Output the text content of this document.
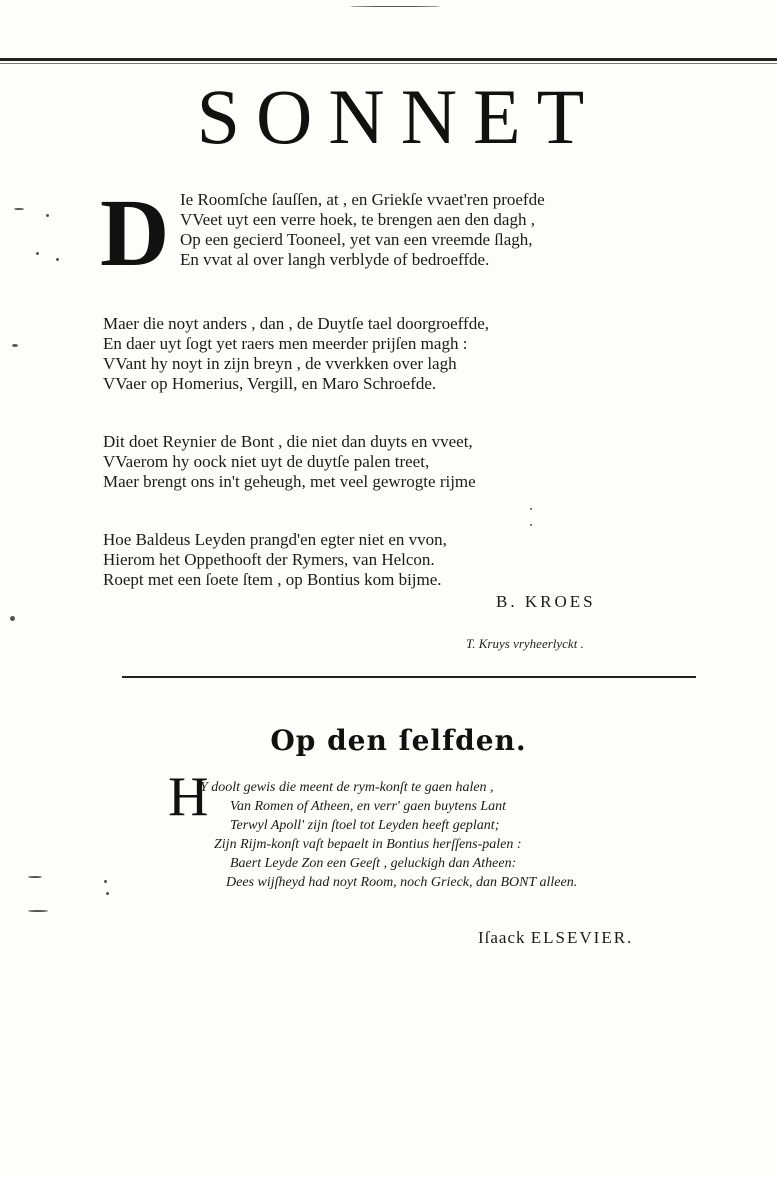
SONNET
D Ie Roomſche ſauſſen, at , en Griekſe vvaet'ren proefde
VVeet uyt een verre hoek, te brengen aen den dagh ,
Op een gecierd Tooneel, yet van een vreemde ſlagh,
En vvat al over langh verblyde of bedroeffde.
Maer die noyt anders , dan , de Duytſe tael doorgroeffde,
En daer uyt ſogt yet raers men meerder prijſen magh :
VVant hy noyt in zijn breyn , de vverkken over lagh
VVaer op Homerius, Vergill, en Maro Schroefde.
Dit doet Reynier de Bont , die niet dan duyts en vveet,
VVaerom hy oock niet uyt de duytſe palen treet,
Maer brengt ons in't geheugh, met veel gewrogte rijme
Hoe Baldeus Leyden prangd'en egter niet en vvon,
Hierom het Oppethooft der Rymers, van Helcon.
Roept met een ſoete ſtem , op Bontius kom bijme.
B. KROES
T. Kruys vryheerlyckt .
Op den ſelfden.
H
Y doolt gewis die meent de rym-konſt te gaen halen ,
Van Romen of Atheen, en verr' gaen buytens Lant
Terwyl Apoll' zijn ſtoel tot Leyden heeft geplant;
Zijn Rijm-konſt vaſt bepaelt in Bontius herſſens-palen :
Baert Leyde Zon een Geeſt , geluckigh dan Atheen:
Dees wijſheyd had noyt Room, noch Grieck, dan BONT alleen.
Iſaack ELSEVIER.
